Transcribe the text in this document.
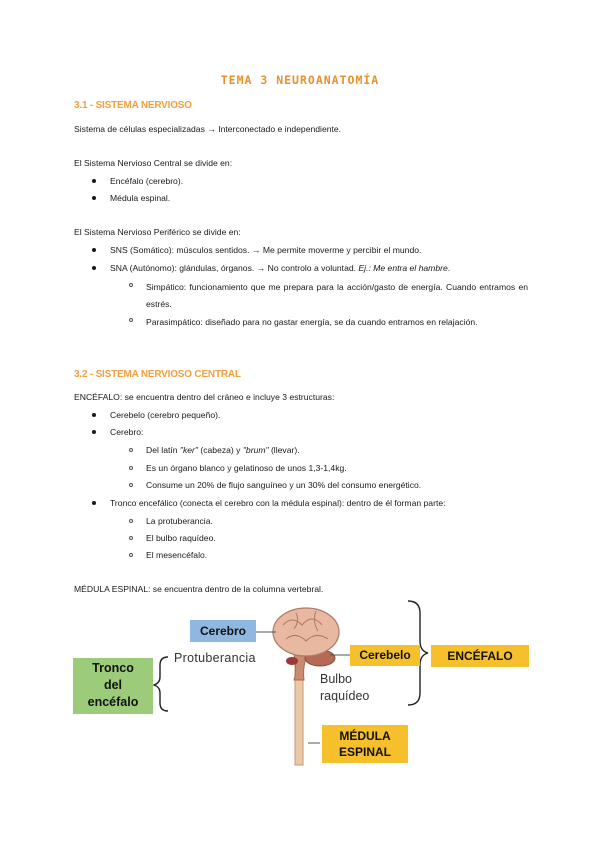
TEMA 3 NEUROANATOMÍA
3.1 - SISTEMA NERVIOSO
Sistema de células especializadas → Interconectado e independiente.
El Sistema Nervioso Central se divide en:
Encéfalo (cerebro).
Médula espinal.
El Sistema Nervioso Periférico se divide en:
SNS (Somático): músculos sentidos. → Me permite moverme y percibir el mundo.
SNA (Autónomo): glándulas, órganos. → No controlo a voluntad. Ej.: Me entra el hambre.
Simpático: funcionamiento que me prepara para la acción/gasto de energía. Cuando entramos en estrés.
Parasimpático: diseñado para no gastar energía, se da cuando entramos en relajación.
3.2 - SISTEMA NERVIOSO CENTRAL
ENCÉFALO: se encuentra dentro del cráneo e incluye 3 estructuras:
Cerebelo (cerebro pequeño).
Cerebro:
Del latín "ker" (cabeza) y "brum" (llevar).
Es un órgano blanco y gelatinoso de unos 1,3-1,4kg.
Consume un 20% de flujo sanguíneo y un 30% del consumo energético.
Tronco encefálico (conecta el cerebro con la médula espinal): dentro de él forman parte:
La protuberancia.
El bulbo raquídeo.
El mesencéfalo.
MÉDULA ESPINAL: se encuentra dentro de la columna vertebral.
Cerebro
Protuberancia	Cerebelo	ENCÉFALO
Tronco
del
encéfalo
Bulbo
raquídeo
MÉDULA
ESPINAL
